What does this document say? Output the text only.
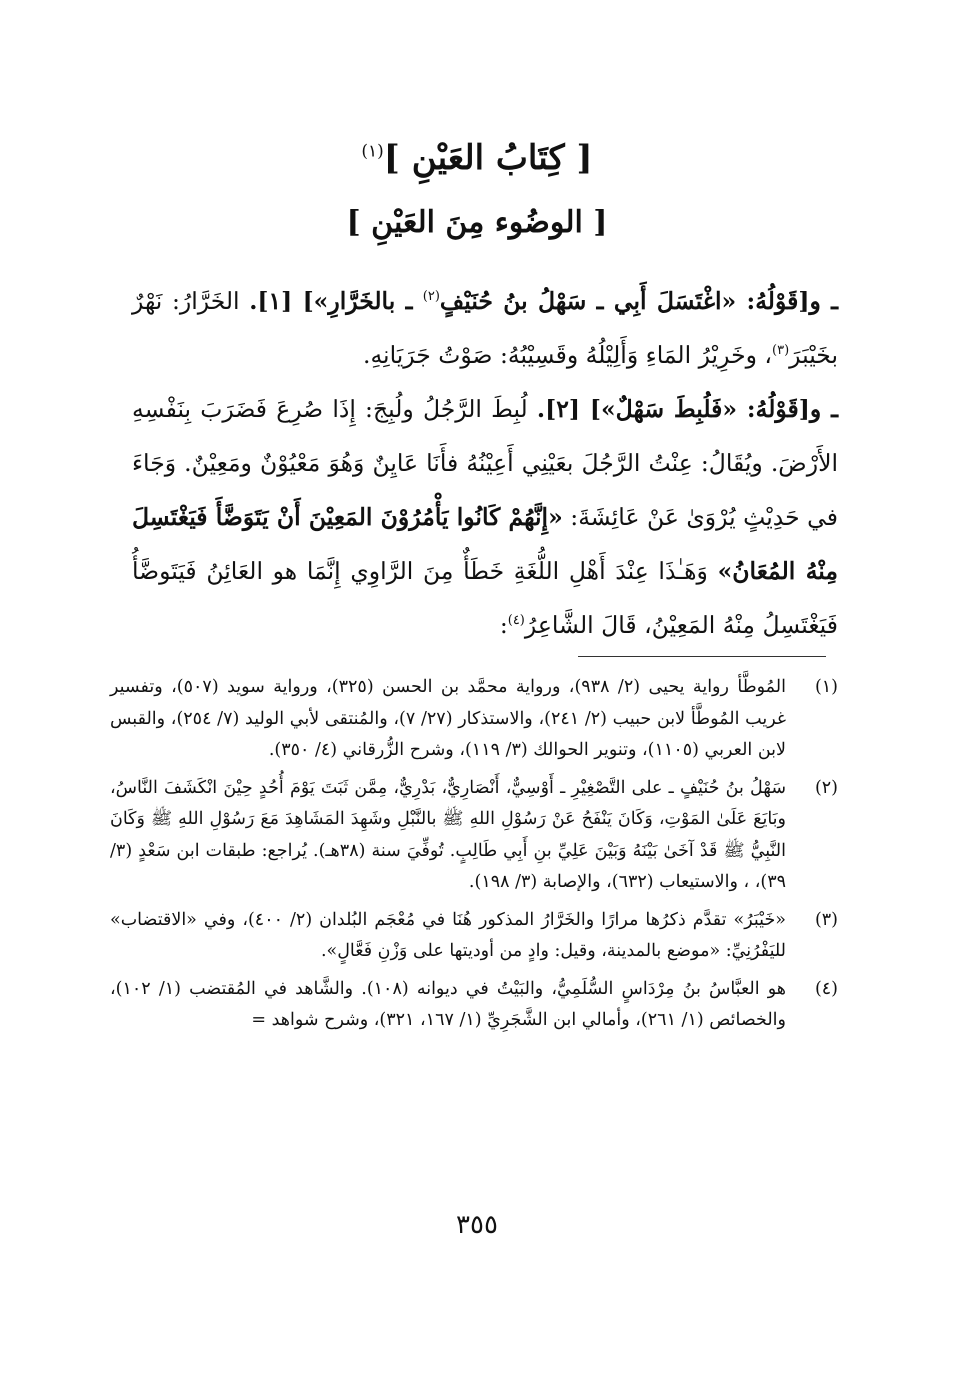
[ كِتَابُ العَيْنِ ]$^{(١)}$
[ الوضُوء مِنَ العَيْنِ ]

ـ و[قَوْلُهُ: «اغْتَسَلَ أَبِي ـ سَهْلُ بنُ حُنَيْفٍ$^{(٢)}$ ـ بالخَرَّارِ»] [١]. الخَرَّارُ: نَهْرٌ بخَيْبَرَ$^{(٣)}$، وخَرِيْرُ المَاءِ وَأَلِيْلُهُ وقَسِيْبُهُ: صَوْتُ جَرَيَانِهِ.

ـ و[قَوْلُهُ: «فَلُبِطَ سَهْلٌ»] [٢]. لُبِطَ الرَّجُلُ ولُبِجَ: إِذَا صُرِعَ فَضَرَبَ بِنَفْسِهِ الأَرْضَ. ويُقَالُ: عِنْتُ الرَّجُلَ بعَيْنِي أَعِيْنُهُ فأَنَا عَايِنٌ وَهُوَ مَعْيُوْنٌ ومَعِيْنٌ. وَجَاءَ في حَدِيْثٍ يُرْوَىٰ عَنْ عَائِشَةَ: «إِنَّهُمْ كَانُوا يَأْمُرُوْنَ المَعِيْنَ أَنْ يَتَوَضَّأَ فَيَغْتَسِلَ مِنْهُ المُعَانُ» وَهَـٰذَا عِنْدَ أَهْلِ اللُّغَةِ خَطَأٌ مِنَ الرَّاوِي إِنَّمَا هو العَائِنُ فَيَتَوضَّأُ فَيَغْتَسِلُ مِنْهُ المَعِيْنُ، قَالَ الشَّاعِرُ$^{(٤)}$:

(١)
المُوطَّأ رواية يحيى (٢/ ٩٣٨)، ورواية محمَّد بن الحسن (٣٢٥)، ورواية سويد (٥٠٧)، وتفسير غريب المُوطَّأ لابن حبيب (٢/ ٢٤١)، والاستذكار (٢٧/ ٧)، والمُنتقى لأبي الوليد (٧/ ٢٥٤)، والقبس لابن العربي (١١٠٥)، وتنوير الحوالك (٣/ ١١٩)، وشرح الزُّرقاني (٤/ ٣٥٠).
(٢)
سَهْلُ بنُ حُنَيْفٍ ـ على التَّصْغِيْرِ ـ أَوْسِيٌّ، أَنْصَارِيٌّ، بَدْرِيٌّ، مِمَّن ثَبَتَ يَوْمَ أُحُدٍ حِيْنَ انْكَشَفَ النَّاسُ، وبَايَعَ عَلَىٰ المَوْتِ، وَكَانَ يَنْفَحُ عَنْ رَسُوْلِ اللهِ ﷺ بالنَّبْلِ وشَهِدَ المَشَاهِدَ مَعَ رَسُوْلِ اللهِ ﷺ وَكَانَ النَّبِيُّ ﷺ قَدْ آخَىٰ بَيْنَهُ وَبَيْنَ عَلِيِّ بنِ أَبِي طَالِبٍ. تُوفِّيَ سنة (٣٨هـ). يُراجع: طبقات ابن سَعْدٍ (٣/ ٣٩)، ، والاستيعاب (٦٣٢)، والإصابة (٣/ ١٩٨).
(٣)
«خَيْبَرُ» تقدَّم ذكرُها مرارًا والخَرَّارُ المذكور هُنَا في مُعْجَم البُلدان (٢/ ٤٠٠)، وفي «الاقتضاب» لليَفْرُنِيِّ: «موضع بالمدينة، وقيل: وادٍ من أوديتها على وَزْنِ فَعَّالٍ».
(٤)
هو العبَّاسُ بنُ مِرْدَاسٍ السُّلَمِيُّ، والبَيْتُ في ديوانه (١٠٨). والشَّاهد في المُقتضب (١/ ١٠٢)، والخصائص (١/ ٢٦١)، وأمالي ابن الشَّجَرِيِّ (١/ ١٦٧، ٣٢١)، وشرح شواهد =
٣٥٥
